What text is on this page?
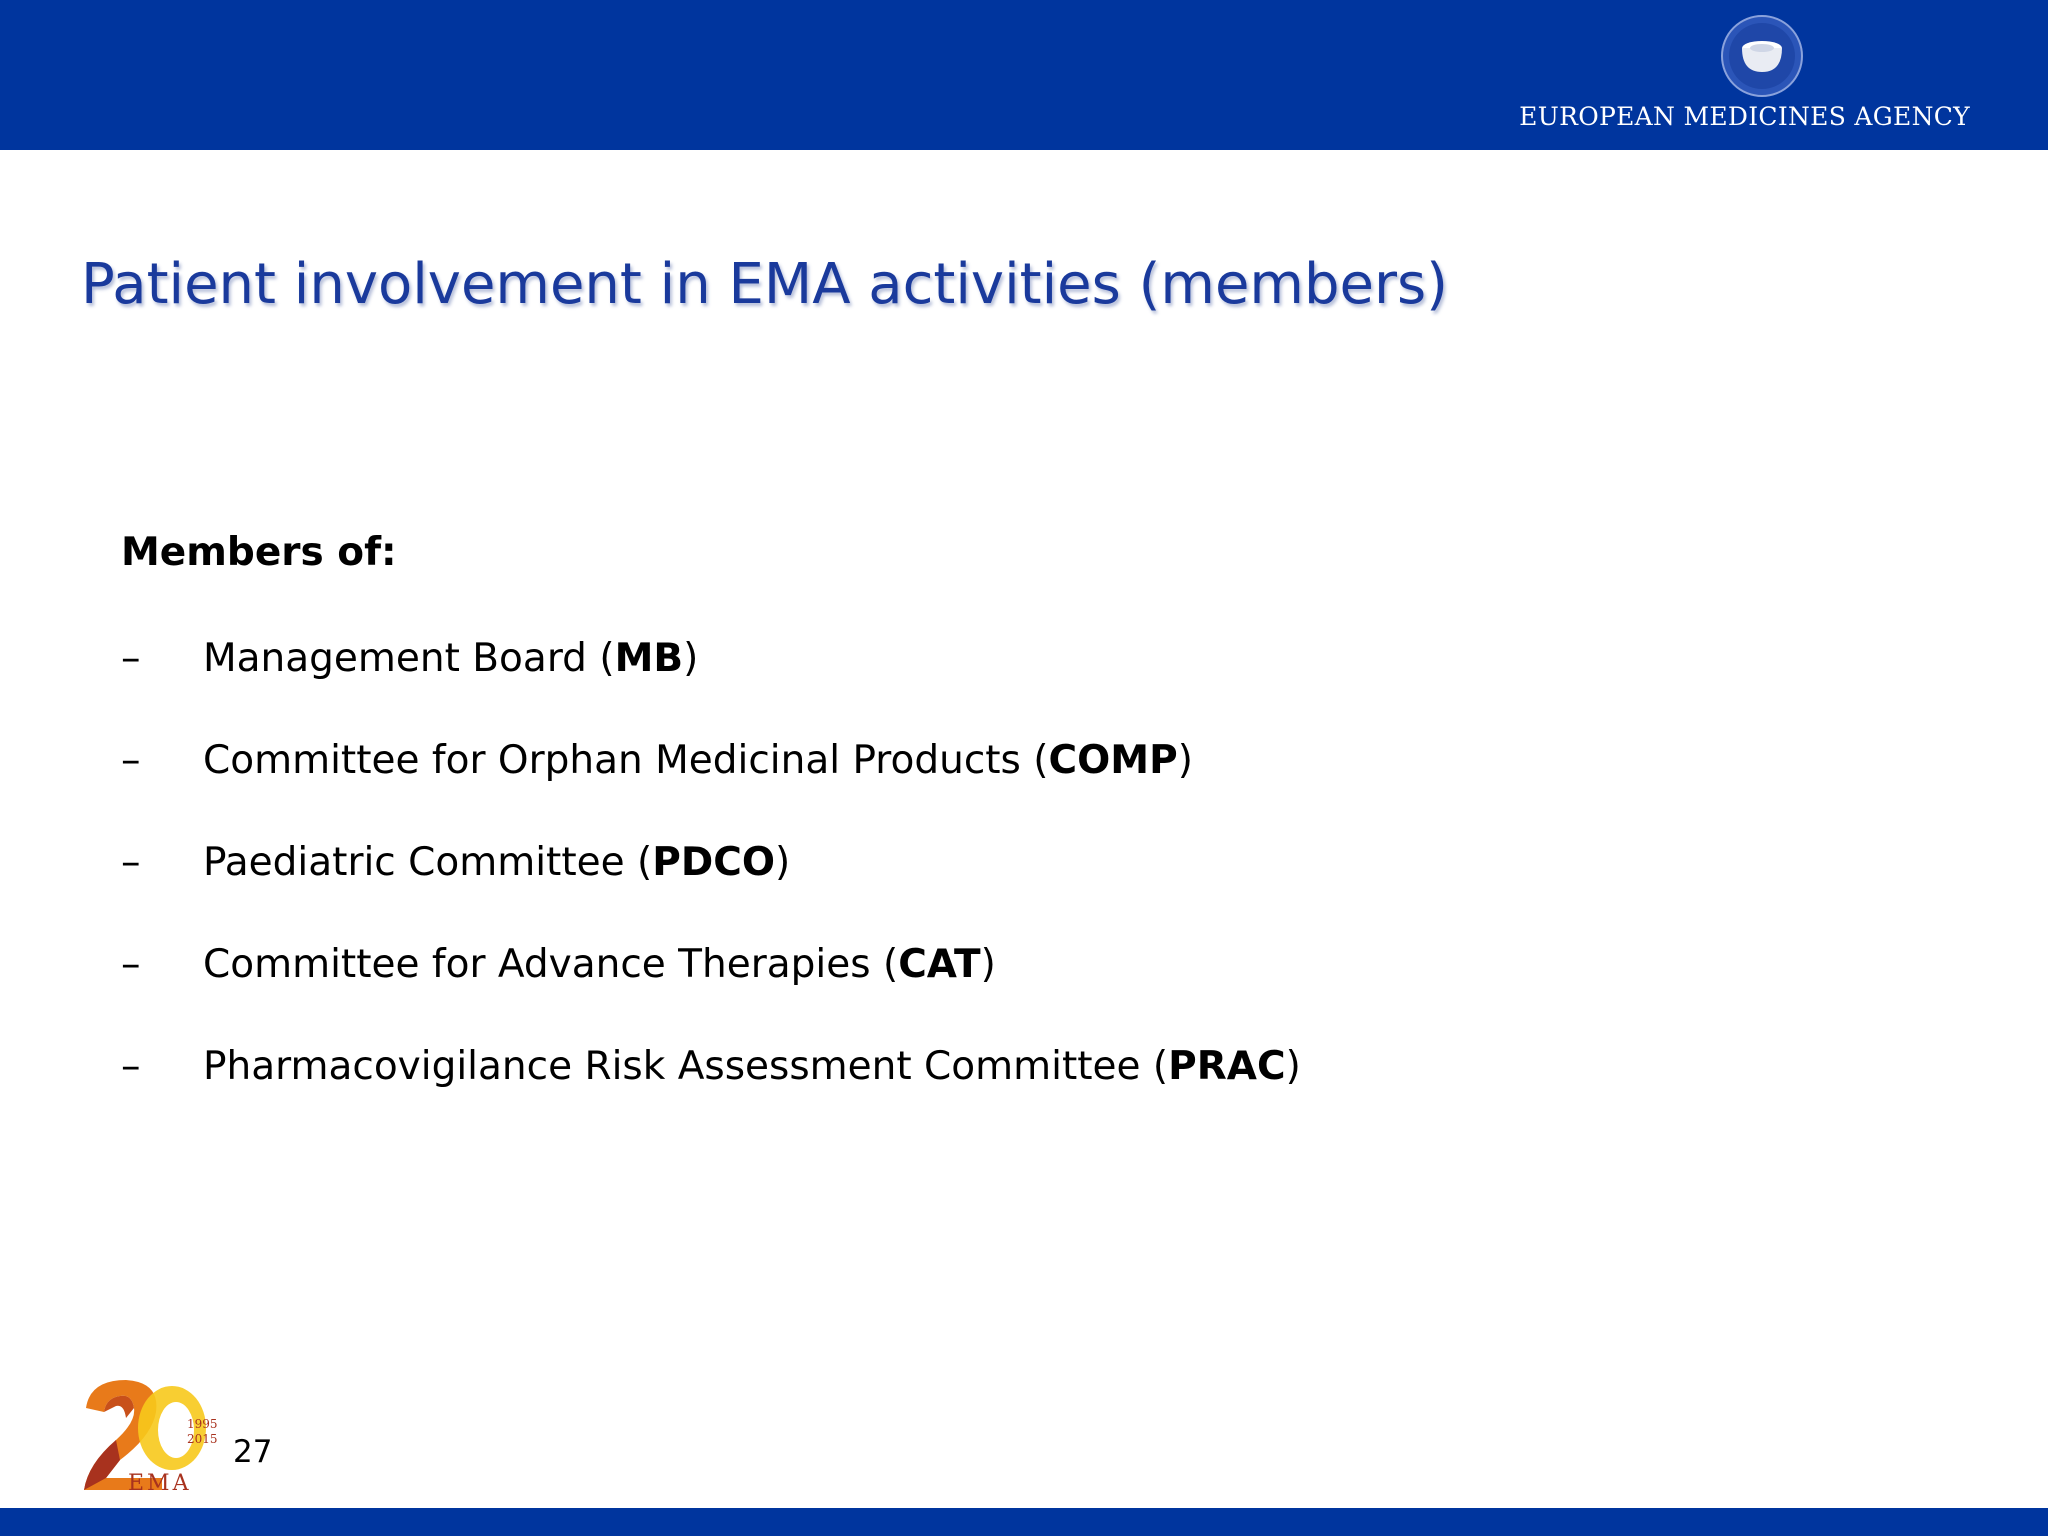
EUROPEAN MEDICINES AGENCY
Patient involvement in EMA activities (members)
Members of:
– Management Board (MB)
– Committee for Orphan Medicinal Products (COMP)
– Paediatric Committee (PDCO)
– Committee for Advance Therapies (CAT)
– Pharmacovigilance Risk Assessment Committee (PRAC)
1995
2015
EMA
27
